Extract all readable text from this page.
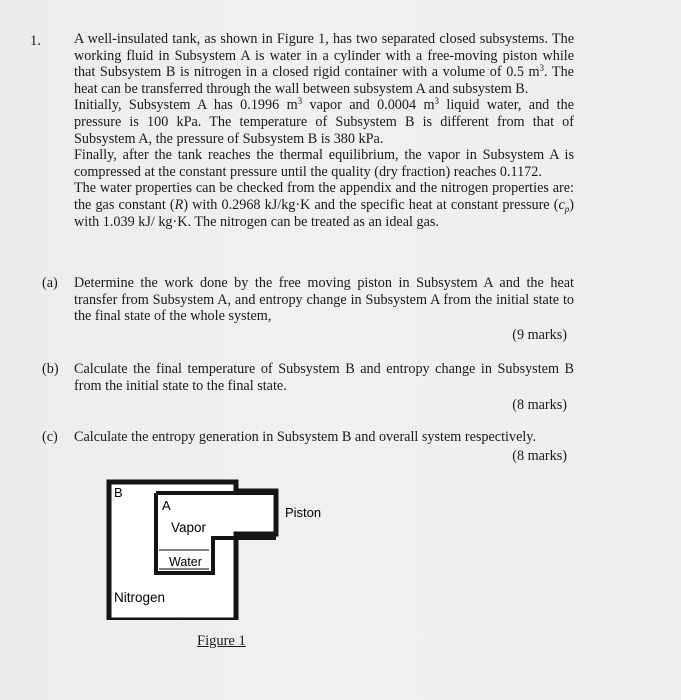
1. A well-insulated tank, as shown in Figure 1, has two separated closed subsystems. The working fluid in Subsystem A is water in a cylinder with a free-moving piston while that Subsystem B is nitrogen in a closed rigid container with a volume of 0.5 $m^3$. The heat can be transferred through the wall between subsystem A and subsystem B.
Initially, Subsystem A has 0.1996 $m^3$ vapor and 0.0004 $m^3$ liquid water, and the pressure is 100 kPa. The temperature of Subsystem B is different from that of Subsystem A, the pressure of Subsystem B is 380 kPa.
Finally, after the tank reaches the thermal equilibrium, the vapor in Subsystem A is compressed at the constant pressure until the quality (dry fraction) reaches 0.1172.
The water properties can be checked from the appendix and the nitrogen properties are: the gas constant (R) with 0.2968 kJ/kg·K and the specific heat at constant pressure $(c_p)$ with 1.039 kJ/ kg·K. The nitrogen can be treated as an ideal gas.
(a) Determine the work done by the free moving piston in Subsystem A and the heat transfer from Subsystem A, and entropy change in Subsystem A from the initial state to the final state of the whole system,
(9 marks)
(b) Calculate the final temperature of Subsystem B and entropy change in Subsystem B from the initial state to the final state.
(8 marks)
(c) Calculate the entropy generation in Subsystem B and overall system respectively.
(8 marks)
B
A
Vapor
Water
Piston
Nitrogen
Figure 1
